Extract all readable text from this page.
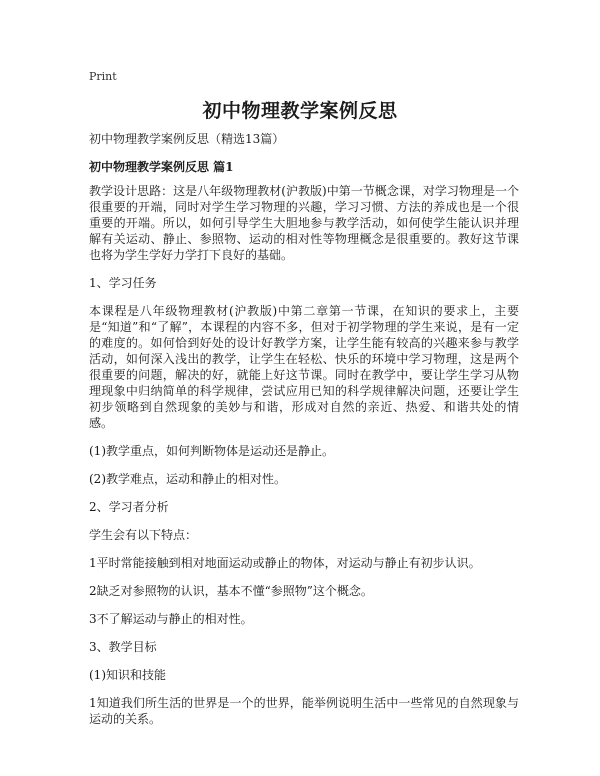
Print
初中物理教学案例反思

初中物理教学案例反思（精选13篇）

初中物理教学案例反思 篇1

教学设计思路：这是八年级物理教材(沪教版)中第一节概念课，对学习物理是一个很重要的开端，同时对学生学习物理的兴趣，学习习惯、方法的养成也是一个很重要的开端。所以，如何引导学生大胆地参与教学活动，如何使学生能认识并理解有关运动、静止、参照物、运动的相对性等物理概念是很重要的。教好这节课也将为学生学好力学打下良好的基础。

1、学习任务

本课程是八年级物理教材(沪教版)中第二章第一节课，在知识的要求上，主要是“知道”和“了解”，本课程的内容不多，但对于初学物理的学生来说，是有一定的难度的。如何恰到好处的设计好教学方案，让学生能有较高的兴趣来参与教学活动，如何深入浅出的教学，让学生在轻松、快乐的环境中学习物理，这是两个很重要的问题，解决的好，就能上好这节课。同时在教学中，要让学生学习从物理现象中归纳简单的科学规律，尝试应用已知的科学规律解决问题，还要让学生初步领略到自然现象的美妙与和谐，形成对自然的亲近、热爱、和谐共处的情感。

(1)教学重点，如何判断物体是运动还是静止。

(2)教学难点，运动和静止的相对性。

2、学习者分析

学生会有以下特点：

1平时常能接触到相对地面运动或静止的物体，对运动与静止有初步认识。

2缺乏对参照物的认识，基本不懂“参照物”这个概念。

3不了解运动与静止的相对性。

3、教学目标

(1)知识和技能

1知道我们所生活的世界是一个的世界，能举例说明生活中一些常见的自然现象与运动的关系。
